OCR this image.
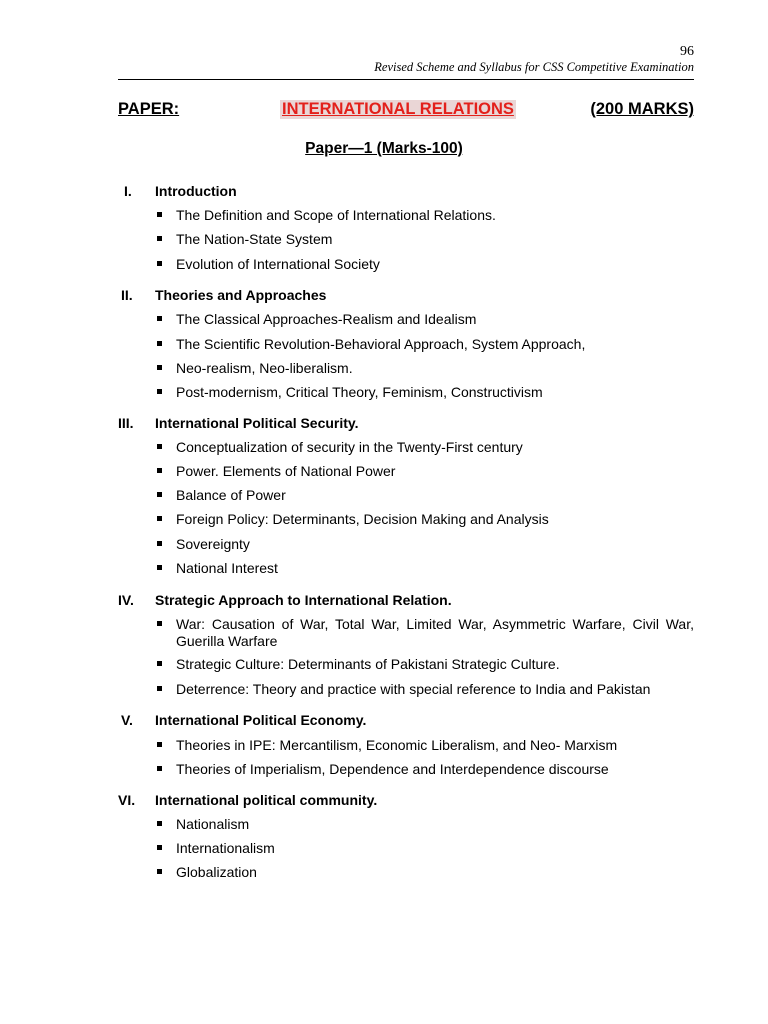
96
Revised Scheme and Syllabus for CSS Competitive Examination
PAPER:	INTERNATIONAL RELATIONS	(200 MARKS)
Paper—1 (Marks-100)
I. Introduction
The Definition and Scope of International Relations.
The Nation-State System
Evolution of International Society
II. Theories and Approaches
The Classical Approaches-Realism and Idealism
The Scientific Revolution-Behavioral Approach, System Approach,
Neo-realism, Neo-liberalism.
Post-modernism, Critical Theory, Feminism, Constructivism
III. International Political Security.
Conceptualization of security in the Twenty-First century
Power. Elements of National Power
Balance of Power
Foreign Policy: Determinants, Decision Making and Analysis
Sovereignty
National Interest
IV. Strategic Approach to International Relation.
War: Causation of War, Total War, Limited War, Asymmetric Warfare, Civil War, Guerilla Warfare
Strategic Culture: Determinants of Pakistani Strategic Culture.
Deterrence: Theory and practice with special reference to India and Pakistan
V. International Political Economy.
Theories in IPE: Mercantilism, Economic Liberalism, and Neo- Marxism
Theories of Imperialism, Dependence and Interdependence discourse
VI. International political community.
Nationalism
Internationalism
Globalization
